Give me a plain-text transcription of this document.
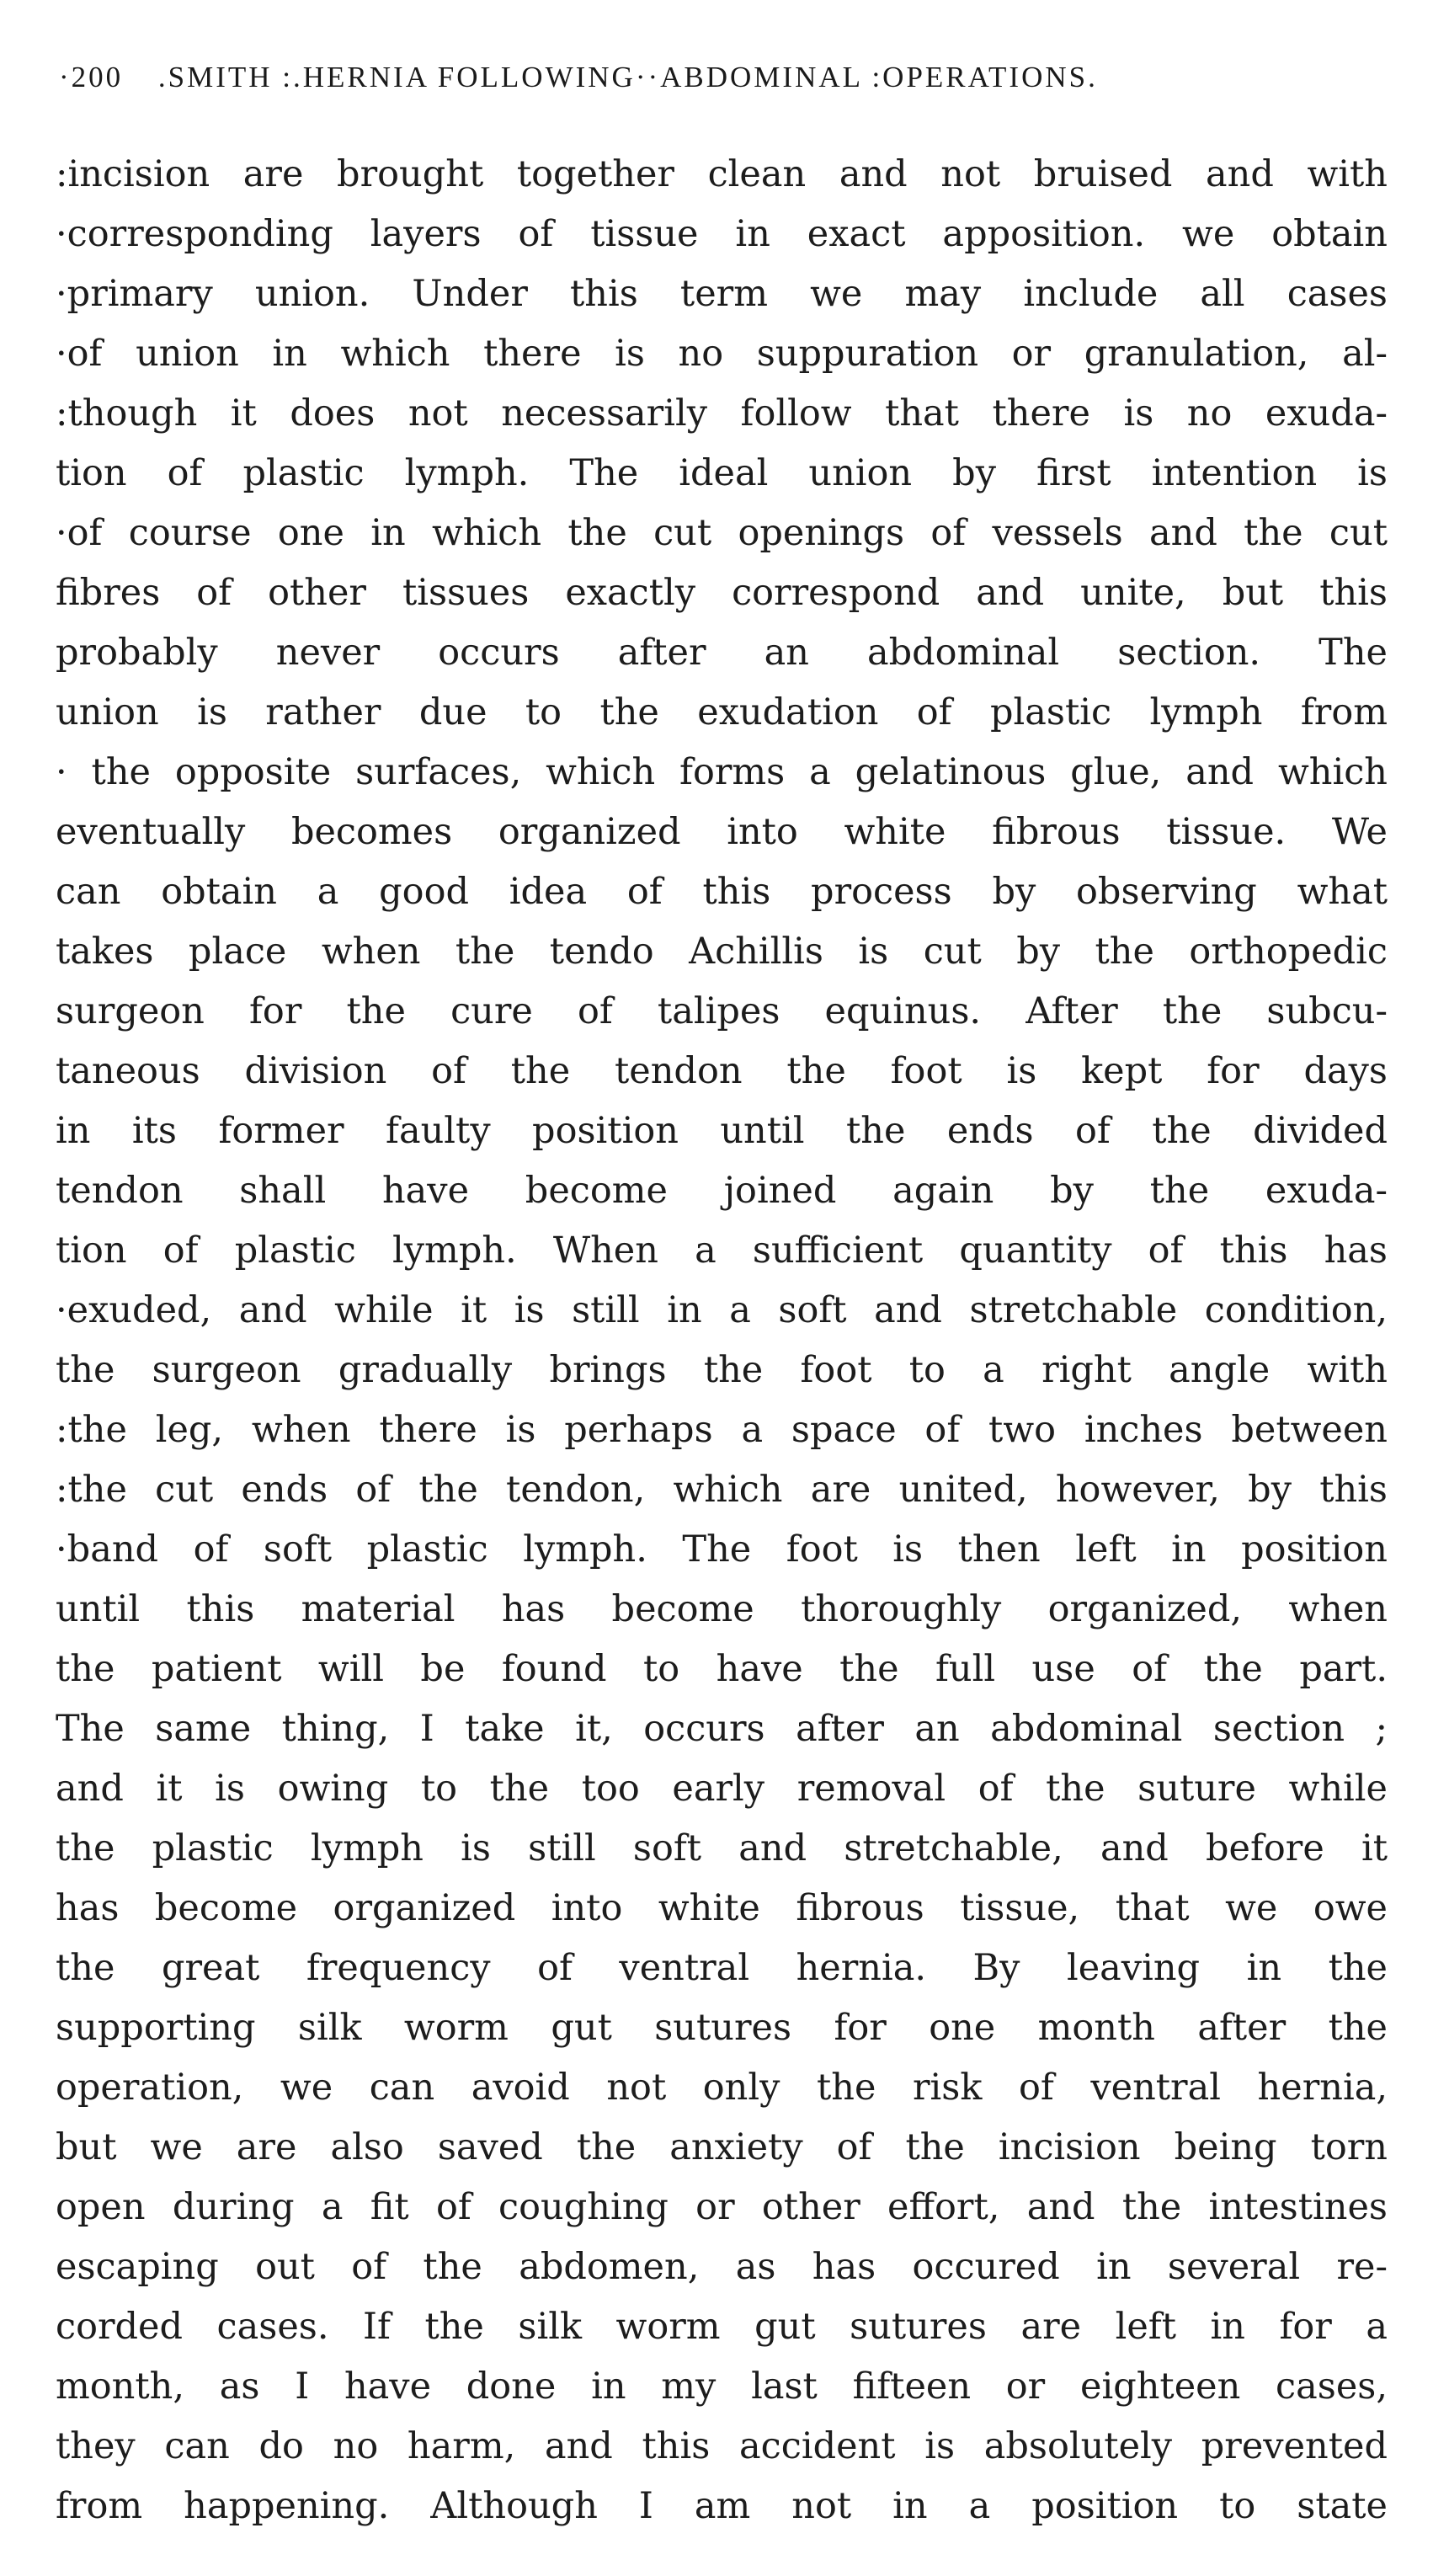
·200 .SMITH :.HERNIA FOLLOWING··ABDOMINAL :OPERATIONS.
:incision are brought together clean and not bruised and with
·corresponding layers of tissue in exact apposition. we obtain
·primary union. Under this term we may include all cases
·of union in which there is no suppuration or granulation, al-
:though it does not necessarily follow that there is no exuda-
tion of plastic lymph. The ideal union by first intention is
·of course one in which the cut openings of vessels and the cut
fibres of other tissues exactly correspond and unite, but this
probably never occurs after an abdominal section. The
union is rather due to the exudation of plastic lymph from
· the opposite surfaces, which forms a gelatinous glue, and which
eventually becomes organized into white fibrous tissue. We
can obtain a good idea of this process by observing what
takes place when the tendo Achillis is cut by the orthopedic
surgeon for the cure of talipes equinus. After the subcu-
taneous division of the tendon the foot is kept for days
in its former faulty position until the ends of the divided
tendon shall have become joined again by the exuda-
tion of plastic lymph. When a sufficient quantity of this has
·exuded, and while it is still in a soft and stretchable condition,
the surgeon gradually brings the foot to a right angle with
:the leg, when there is perhaps a space of two inches between
:the cut ends of the tendon, which are united, however, by this
·band of soft plastic lymph. The foot is then left in position
until this material has become thoroughly organized, when
the patient will be found to have the full use of the part.
The same thing, I take it, occurs after an abdominal section ;
and it is owing to the too early removal of the suture while
the plastic lymph is still soft and stretchable, and before it
has become organized into white fibrous tissue, that we owe
the great frequency of ventral hernia. By leaving in the
supporting silk worm gut sutures for one month after the
operation, we can avoid not only the risk of ventral hernia,
but we are also saved the anxiety of the incision being torn
open during a fit of coughing or other effort, and the intestines
escaping out of the abdomen, as has occured in several re-
corded cases. If the silk worm gut sutures are left in for a
month, as I have done in my last fifteen or eighteen cases,
they can do no harm, and this accident is absolutely prevented
from happening. Although I am not in a position to state
